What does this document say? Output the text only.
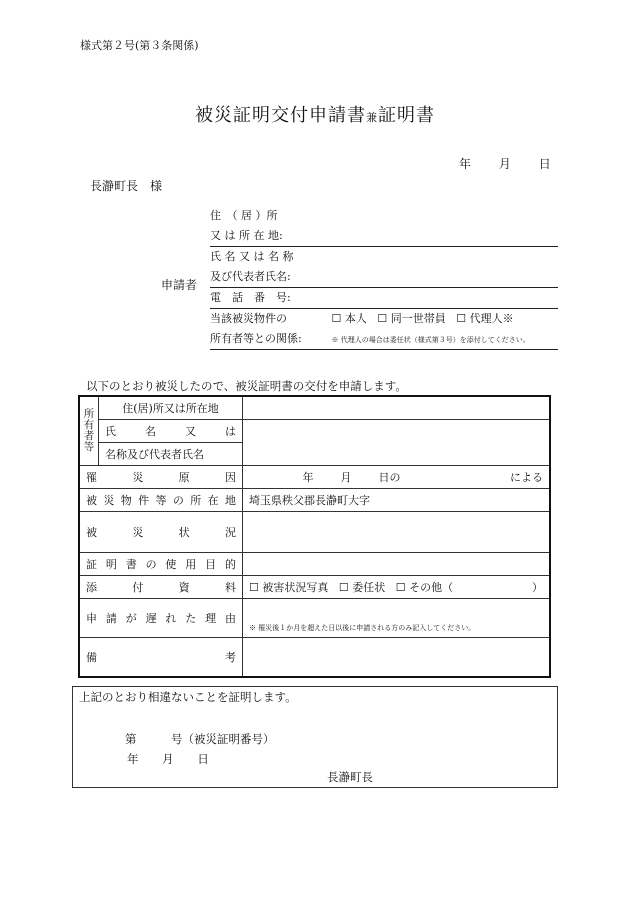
様式第２号(第３条関係)
被災証明交付申請書兼証明書
年 月 日
長瀞町長　様
申請者
住　（ 居 ）所
又 は 所 在 地:
氏 名 又 は 名 称
及び代表者氏名:
電　話　番　号:
当該被災物件の	☐ 本人 ☐ 同一世帯員 ☐ 代理人※
所有者等との関係:	※ 代理人の場合は委任状（様式第３号）を添付してください。
以下のとおり被災したので、被災証明書の交付を申請します。
所
有
者
等	住(居)所又は所在地	
	氏　名　又　は	
	名称及び代表者氏名	
罹　災　原　因		年 月 日の による

被災物件等の所在地		埼玉県秩父郡長瀞町大字
被　災　状　況		
証明書の使用目的		
添　付　資　料		☐ 被害状況写真 ☐ 委任状 ☐ その他（ ）

申請が遅れた理由		※ 罹災後１か月を超えた日以後に申請される方のみ記入してください。
備　　　考		
上記のとおり相違ないことを証明します。
第　　　号（被災証明番号）
年 月 日
長瀞町長
